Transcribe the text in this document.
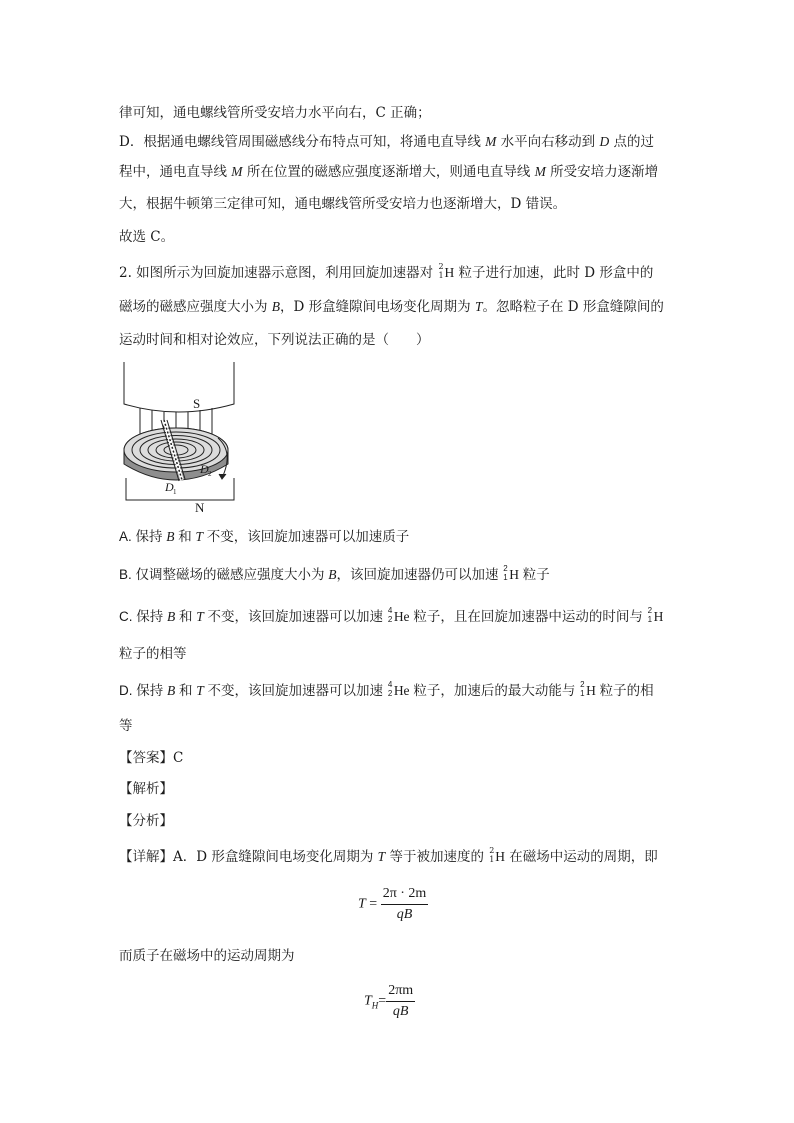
律可知，通电螺线管所受安培力水平向右，C 正确；
D．根据通电螺线管周围磁感线分布特点可知，将通电直导线 M 水平向右移动到 D 点的过
程中，通电直导线 M 所在位置的磁感应强度逐渐增大，则通电直导线 M 所受安培力逐渐增
大，根据牛顿第三定律可知，通电螺线管所受安培力也逐渐增大，D 错误。
故选 C。
2. 如图所示为回旋加速器示意图，利用回旋加速器对 2
1 H 粒子进行加速，此时 D 形盒中的
磁场的磁感应强度大小为 B，D 形盒缝隙间电场变化周期为 T。忽略粒子在 D 形盒缝隙间的
运动时间和相对论效应，下列说法正确的是（　　）
S
N
D 1
D 2
A. 保持 B 和 T 不变，该回旋加速器可以加速质子
B. 仅调整磁场的磁感应强度大小为 B，该回旋加速器仍可以加速 2
1 H 粒子
C. 保持 B 和 T 不变，该回旋加速器可以加速 4
2 He 粒子，且在回旋加速器中运动的时间与 2
1 H
粒子的相等
D. 保持 B 和 T 不变，该回旋加速器可以加速 4
2 He 粒子，加速后的最大动能与 2
1 H 粒子的相
等
【答案】C
【解析】
【分析】
【详解】A．D 形盒缝隙间电场变化周期为 T 等于被加速度的 2
1 H 在磁场中运动的周期，即
$T = \frac{2\pi \cdot 2m}{qB}$
而质子在磁场中的运动周期为
$T_H= \frac{2\pi m}{qB}$
